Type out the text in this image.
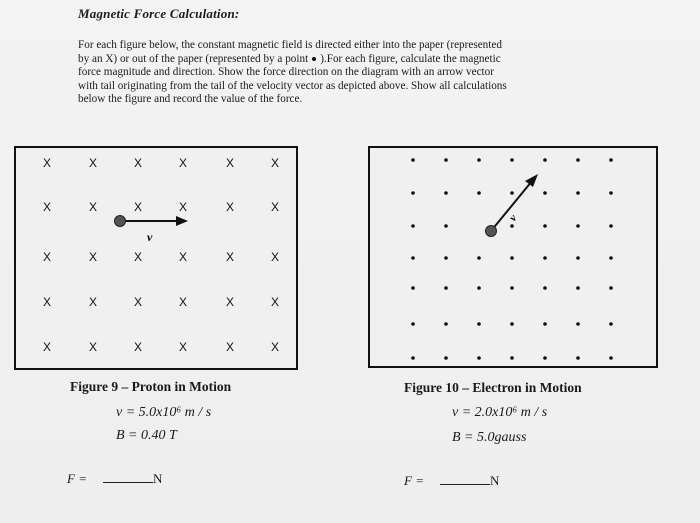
Magnetic Force Calculation:
For each figure below, the constant magnetic field is directed either into the paper (represented
by an X) or out of the paper (represented by a point ).For each figure, calculate the magnetic
force magnitude and direction. Show the force direction on the diagram with an arrow vector
with tail originating from the tail of the velocity vector as depicted above. Show all calculations
below the figure and record the value of the force.
X	X	X	X	X	X
X	X	X	X	X	X
X	X	X	X	X	X
X	X	X	X	X	X
X	X	X	X	X	X
v
v
Figure 9 – Proton in Motion
v = 5.0x10⁶ m / s
B = 0.40 T
F =	N
Figure 10 – Electron in Motion
v = 2.0x10⁶ m / s
B = 5.0gauss
F =	N
